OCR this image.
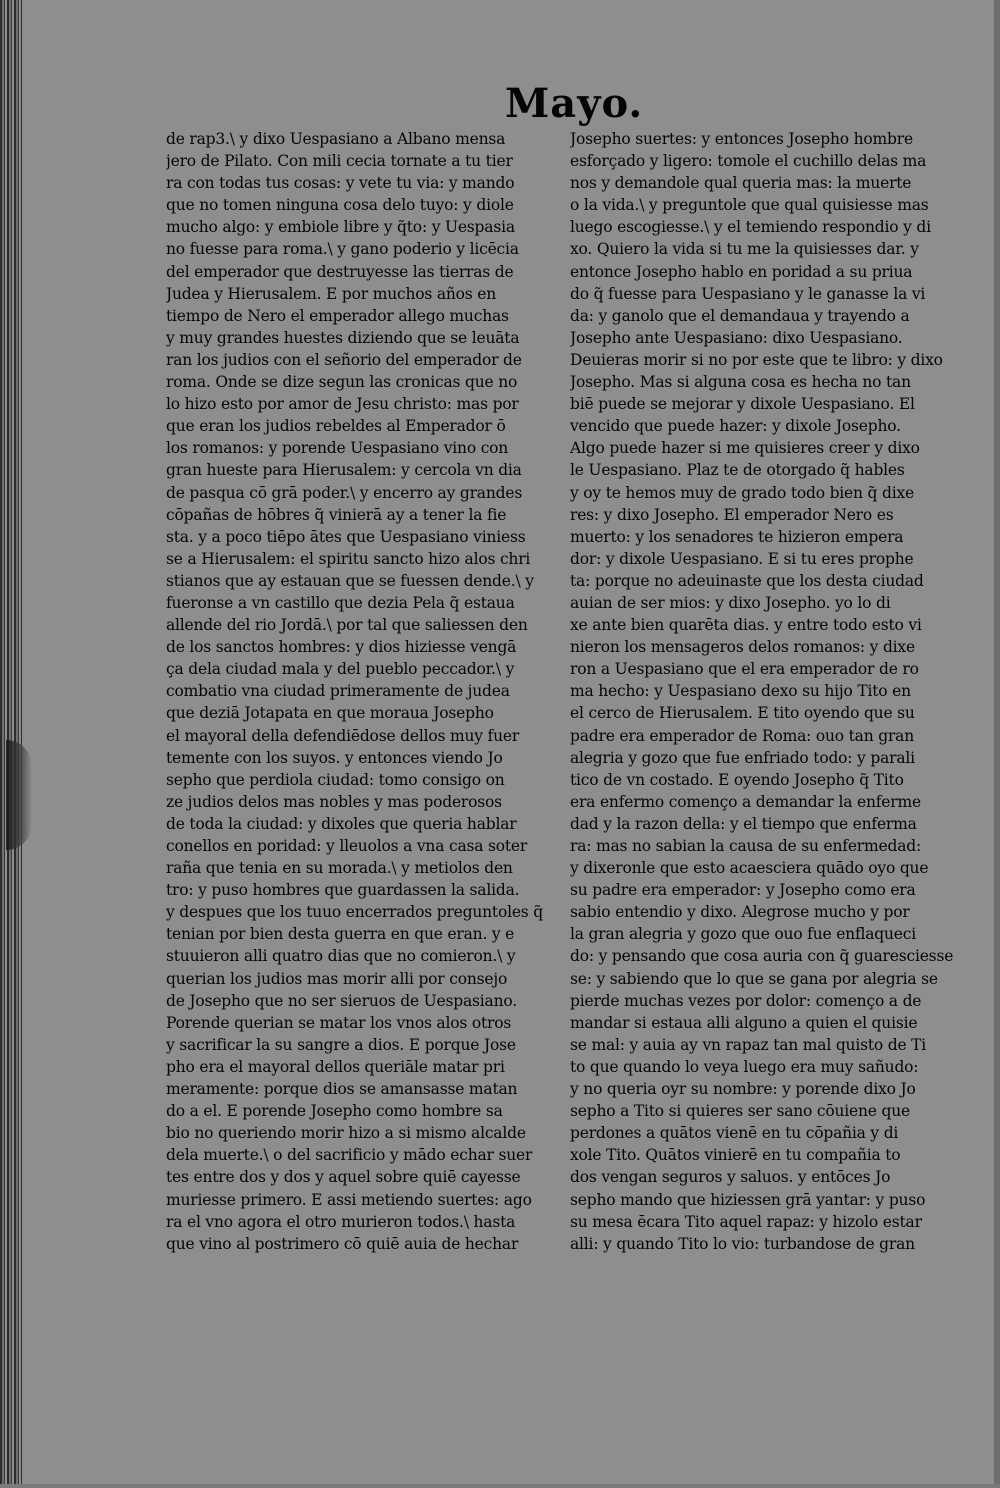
Mayo.
de rap3.\ y dixo Uespasiano a Albano mensa
jero de Pilato. Con mili cecia tornate a tu tier
ra con todas tus cosas: y vete tu via: y mando
que no tomen ninguna cosa delo tuyo: y diole
mucho algo: y embiole libre y q̃to: y Uespasia
no fuesse para roma.\ y gano poderio y licēcia
del emperador que destruyesse las tierras de
Judea y Hierusalem. E por muchos años en
tiempo de Nero el emperador allego muchas
y muy grandes huestes diziendo que se leuāta
ran los judios con el señorio del emperador de
roma. Onde se dize segun las cronicas que no
lo hizo esto por amor de Jesu christo: mas por
que eran los judios rebeldes al Emperador ō
los romanos: y porende Uespasiano vino con
gran hueste para Hierusalem: y cercola vn dia
de pasqua cō grā poder.\ y encerro ay grandes
cōpañas de hōbres q̃ vinierā ay a tener la fie
sta. y a poco tiēpo ātes que Uespasiano viniess
se a Hierusalem: el spiritu sancto hizo alos chri
stianos que ay estauan que se fuessen dende.\ y
fueronse a vn castillo que dezia Pela q̃ estaua
allende del rio Jordā.\ por tal que saliessen den
de los sanctos hombres: y dios hiziesse vengā
ça dela ciudad mala y del pueblo peccador.\ y
combatio vna ciudad primeramente de judea
que deziā Jotapata en que moraua Josepho
el mayoral della defendiēdose dellos muy fuer
temente con los suyos. y entonces viendo Jo
sepho que perdiola ciudad: tomo consigo on
ze judios delos mas nobles y mas poderosos
de toda la ciudad: y dixoles que queria hablar
conellos en poridad: y lleuolos a vna casa soter
raña que tenia en su morada.\ y metiolos den
tro: y puso hombres que guardassen la salida.
y despues que los tuuo encerrados preguntoles q̃
tenian por bien desta guerra en que eran. y e
stuuieron alli quatro dias que no comieron.\ y
querian los judios mas morir alli por consejo
de Josepho que no ser sieruos de Uespasiano.
Porende querian se matar los vnos alos otros
y sacrificar la su sangre a dios. E porque Jose
pho era el mayoral dellos queriāle matar pri
meramente: porque dios se amansasse matan
do a el. E porende Josepho como hombre sa
bio no queriendo morir hizo a si mismo alcalde
dela muerte.\ o del sacrificio y mādo echar suer
tes entre dos y dos y aquel sobre quiē cayesse
muriesse primero. E assi metiendo suertes: ago
ra el vno agora el otro murieron todos.\ hasta
que vino al postrimero cō quiē auia de hechar
Josepho suertes: y entonces Josepho hombre
esforçado y ligero: tomole el cuchillo delas ma
nos y demandole qual queria mas: la muerte
o la vida.\ y preguntole que qual quisiesse mas
luego escogiesse.\ y el temiendo respondio y di
xo. Quiero la vida si tu me la quisiesses dar. y
entonce Josepho hablo en poridad a su priua
do q̃ fuesse para Uespasiano y le ganasse la vi
da: y ganolo que el demandaua y trayendo a
Josepho ante Uespasiano: dixo Uespasiano.
Deuieras morir si no por este que te libro: y dixo
Josepho. Mas si alguna cosa es hecha no tan
biē puede se mejorar y dixole Uespasiano. El
vencido que puede hazer: y dixole Josepho.
Algo puede hazer si me quisieres creer y dixo
le Uespasiano. Plaz te de otorgado q̃ hables
y oy te hemos muy de grado todo bien q̃ dixe
res: y dixo Josepho. El emperador Nero es
muerto: y los senadores te hizieron empera
dor: y dixole Uespasiano. E si tu eres prophe
ta: porque no adeuinaste que los desta ciudad
auian de ser mios: y dixo Josepho. yo lo di
xe ante bien quarēta dias. y entre todo esto vi
nieron los mensageros delos romanos: y dixe
ron a Uespasiano que el era emperador de ro
ma hecho: y Uespasiano dexo su hijo Tito en
el cerco de Hierusalem. E tito oyendo que su
padre era emperador de Roma: ouo tan gran
alegria y gozo que fue enfriado todo: y parali
tico de vn costado. E oyendo Josepho q̃ Tito
era enfermo començo a demandar la enferme
dad y la razon della: y el tiempo que enferma
ra: mas no sabian la causa de su enfermedad:
y dixeronle que esto acaesciera quādo oyo que
su padre era emperador: y Josepho como era
sabio entendio y dixo. Alegrose mucho y por
la gran alegria y gozo que ouo fue enflaqueci
do: y pensando que cosa auria con q̃ guaresciesse
se: y sabiendo que lo que se gana por alegria se
pierde muchas vezes por dolor: començo a de
mandar si estaua alli alguno a quien el quisie
se mal: y auia ay vn rapaz tan mal quisto de Ti
to que quando lo veya luego era muy sañudo:
y no queria oyr su nombre: y porende dixo Jo
sepho a Tito si quieres ser sano cōuiene que
perdones a quātos vienē en tu cōpañia y di
xole Tito. Quātos vinierē en tu compañia to
dos vengan seguros y saluos. y entōces Jo
sepho mando que hiziessen grā yantar: y puso
su mesa ēcara Tito aquel rapaz: y hizolo estar
alli: y quando Tito lo vio: turbandose de gran
